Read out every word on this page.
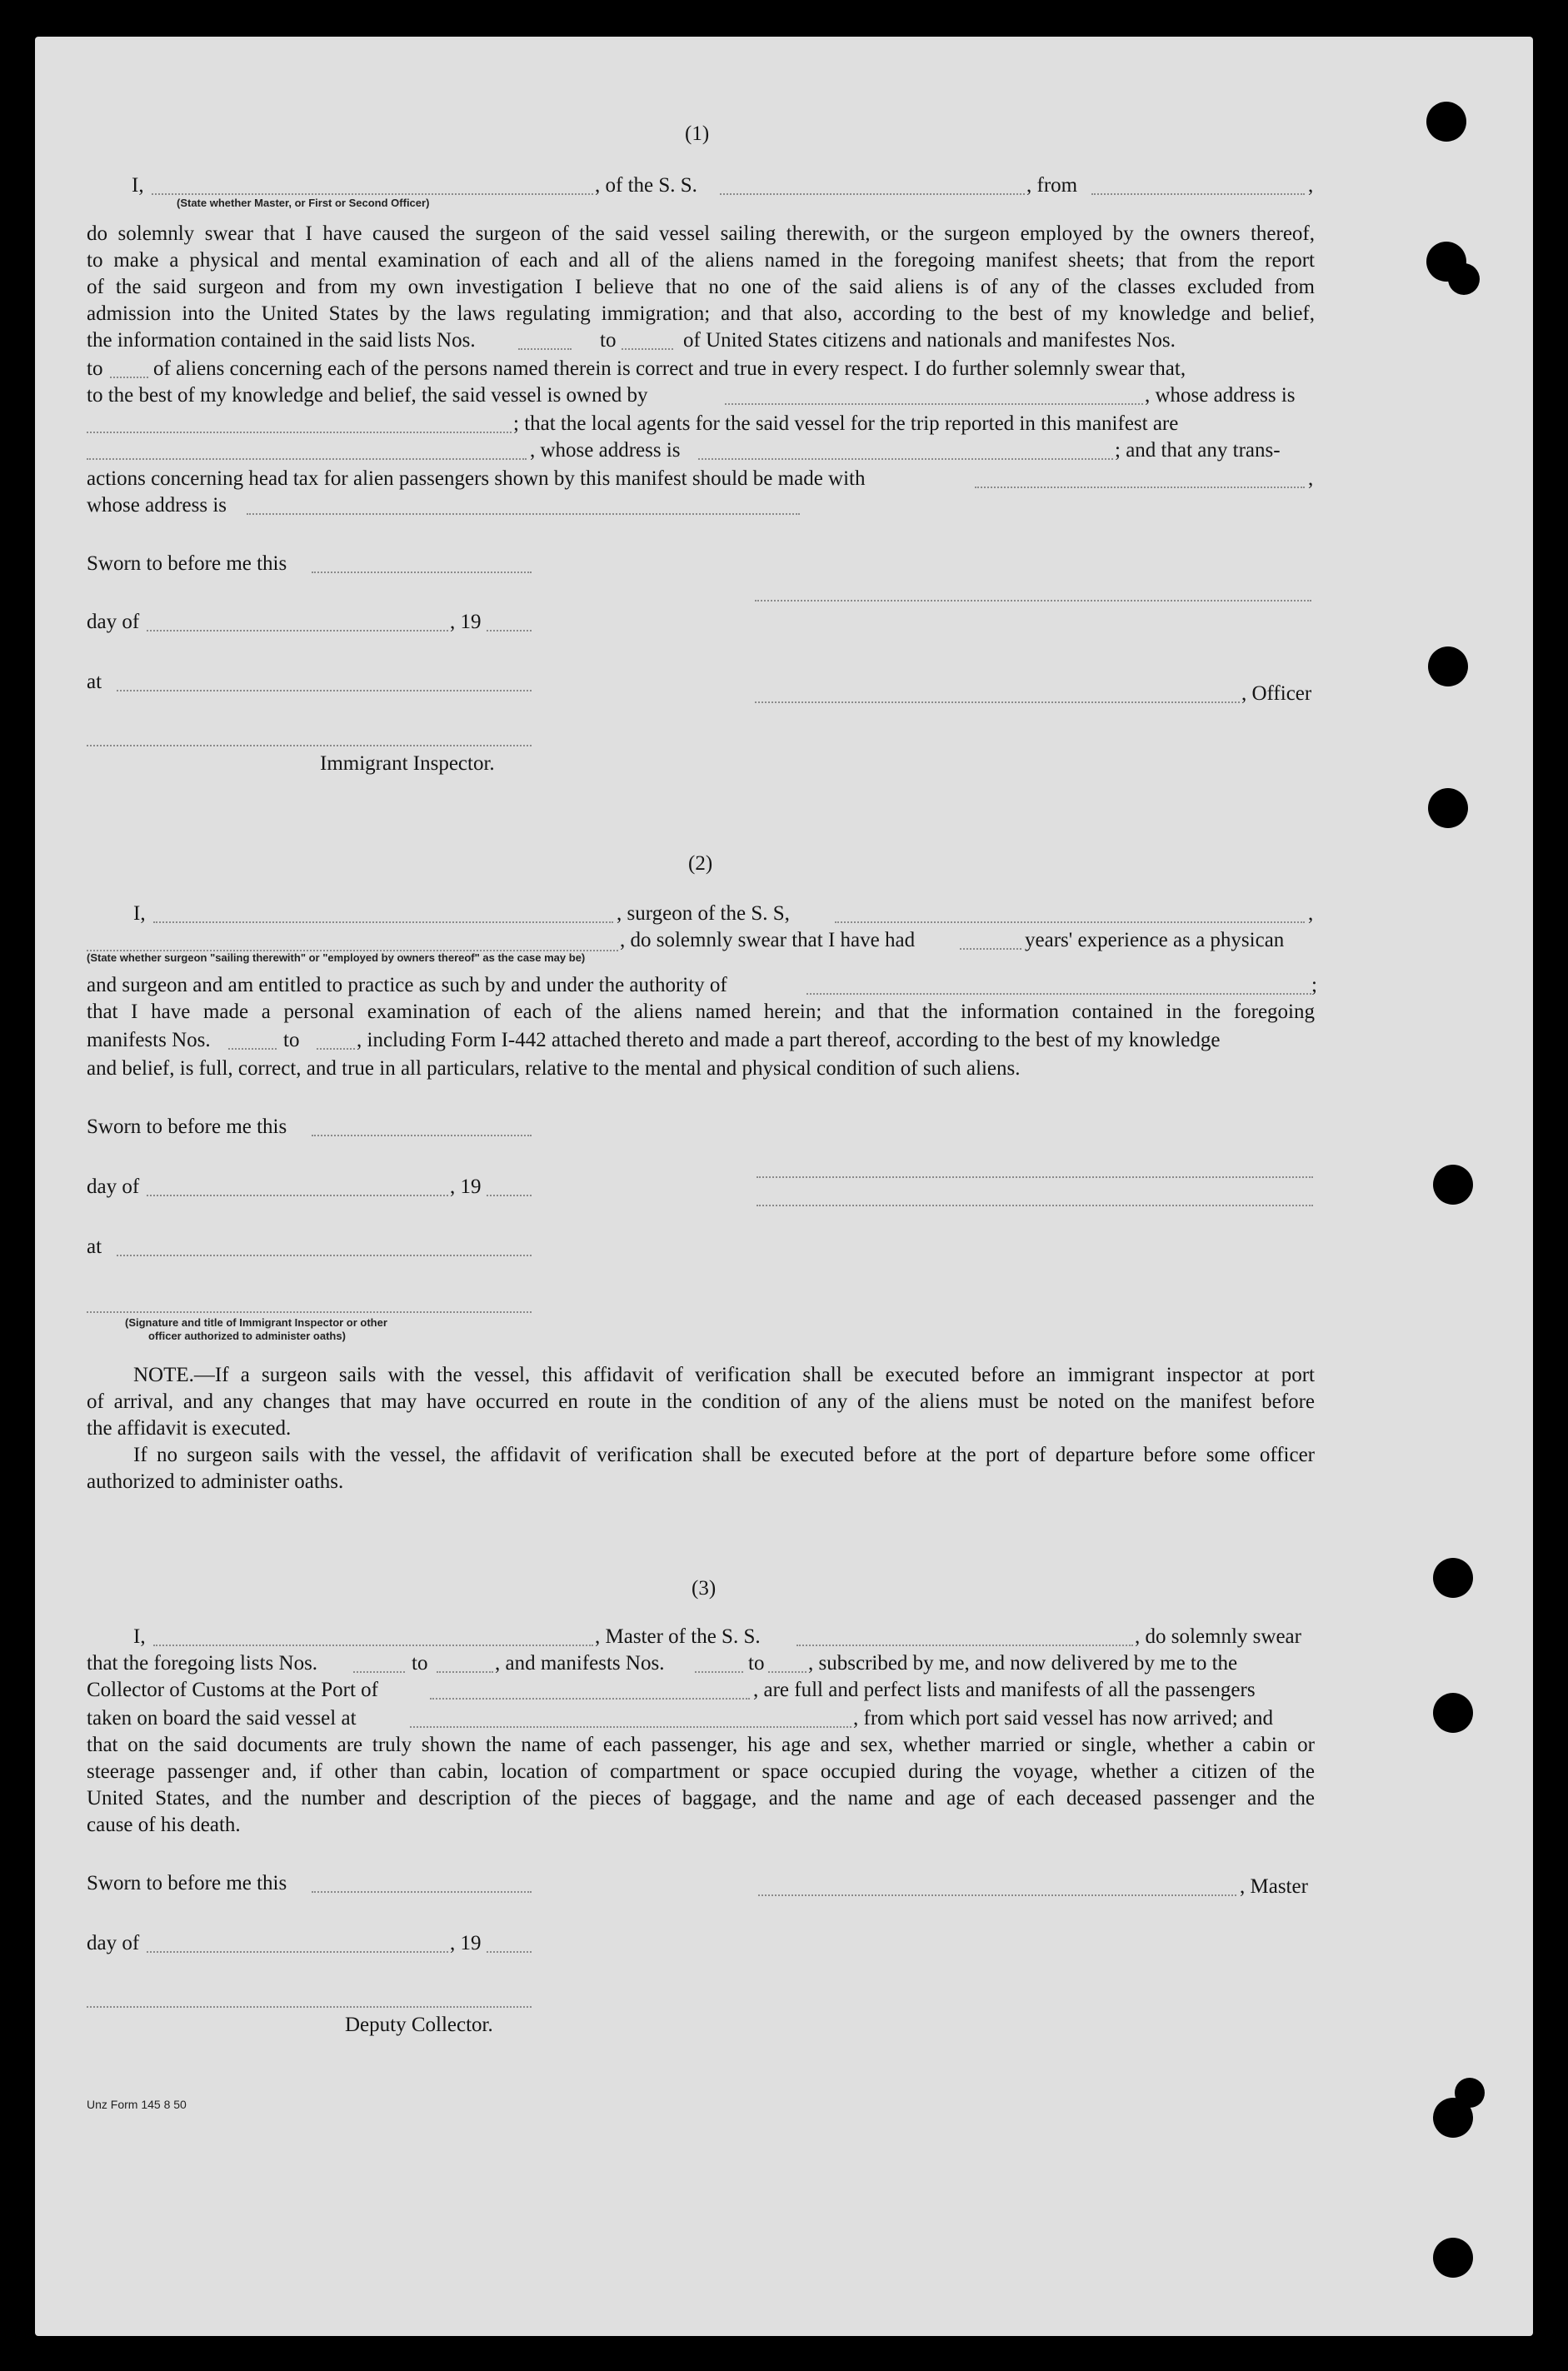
(1)
I,	, of the S. S.	, from	,
(State whether Master, or First or Second Officer)
do solemnly swear that I have caused the surgeon of the said vessel sailing therewith, or the surgeon employed by the owners thereof,
to make a physical and mental examination of each and all of the aliens named in the foregoing manifest sheets; that from the report
of the said surgeon and from my own investigation I believe that no one of the said aliens is of any of the classes excluded from
admission into the United States by the laws regulating immigration; and that also, according to the best of my knowledge and belief,
the information contained in the said lists Nos.	to	of United States citizens and nationals and manifestes Nos.
to of aliens concerning each of the persons named therein is correct and true in every respect. I do further solemnly swear that,
to the best of my knowledge and belief, the said vessel is owned by	, whose address is
; that the local agents for the said vessel for the trip reported in this manifest are
, whose address is	; and that any trans-
actions concerning head tax for alien passengers shown by this manifest should be made with	,
whose address is
Sworn to before me this
day of	, 19
at
, Officer
Immigrant Inspector.
(2)
I,	, surgeon of the S. S,	,
, do solemnly swear that I have had	years' experience as a physican
(State whether surgeon "sailing therewith" or "employed by owners thereof" as the case may be)
and surgeon and am entitled to practice as such by and under the authority of	;
that I have made a personal examination of each of the aliens named herein; and that the information contained in the foregoing
manifests Nos.	to	, including Form I-442 attached thereto and made a part thereof, according to the best of my knowledge
and belief, is full, correct, and true in all particulars, relative to the mental and physical condition of such aliens.
Sworn to before me this
day of	, 19
at
(Signature and title of Immigrant Inspector or other
officer authorized to administer oaths)
NOTE.—If a surgeon sails with the vessel, this affidavit of verification shall be executed before an immigrant inspector at port
of arrival, and any changes that may have occurred en route in the condition of any of the aliens must be noted on the manifest before
the affidavit is executed.
If no surgeon sails with the vessel, the affidavit of verification shall be executed before at the port of departure before some officer
authorized to administer oaths.
(3)
I,	, Master of the S. S.	, do solemnly swear
that the foregoing lists Nos.	to	, and manifests Nos.	to , subscribed by me, and now delivered by me to the
Collector of Customs at the Port of	, are full and perfect lists and manifests of all the passengers
taken on board the said vessel at	, from which port said vessel has now arrived; and
that on the said documents are truly shown the name of each passenger, his age and sex, whether married or single, whether a cabin or
steerage passenger and, if other than cabin, location of compartment or space occupied during the voyage, whether a citizen of the
United States, and the number and description of the pieces of baggage, and the name and age of each deceased passenger and the
cause of his death.
Sworn to before me this	, Master
day of	, 19
Deputy Collector.
Unz Form 145 8 50
